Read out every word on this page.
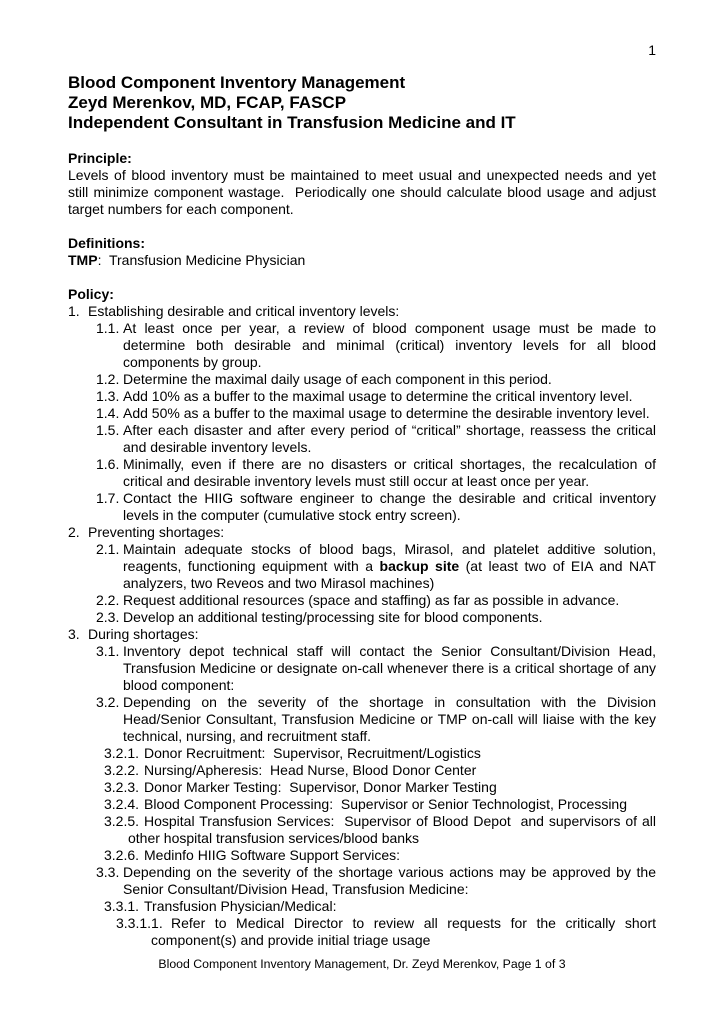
1
Blood Component Inventory Management
Zeyd Merenkov, MD, FCAP, FASCP
Independent Consultant in Transfusion Medicine and IT
Principle:
Levels of blood inventory must be maintained to meet usual and unexpected needs and yet still minimize component wastage.  Periodically one should calculate blood usage and adjust target numbers for each component.
Definitions:
TMP:  Transfusion Medicine Physician
Policy:
1. Establishing desirable and critical inventory levels:
1.1. At least once per year, a review of blood component usage must be made to determine both desirable and minimal (critical) inventory levels for all blood components by group.
1.2. Determine the maximal daily usage of each component in this period.
1.3. Add 10% as a buffer to the maximal usage to determine the critical inventory level.
1.4. Add 50% as a buffer to the maximal usage to determine the desirable inventory level.
1.5. After each disaster and after every period of “critical” shortage, reassess the critical and desirable inventory levels.
1.6. Minimally, even if there are no disasters or critical shortages, the recalculation of critical and desirable inventory levels must still occur at least once per year.
1.7. Contact the HIIG software engineer to change the desirable and critical inventory levels in the computer (cumulative stock entry screen).
2. Preventing shortages:
2.1. Maintain adequate stocks of blood bags, Mirasol, and platelet additive solution, reagents, functioning equipment with a backup site (at least two of EIA and NAT analyzers, two Reveos and two Mirasol machines)
2.2. Request additional resources (space and staffing) as far as possible in advance.
2.3. Develop an additional testing/processing site for blood components.
3. During shortages:
3.1. Inventory depot technical staff will contact the Senior Consultant/Division Head, Transfusion Medicine or designate on-call whenever there is a critical shortage of any blood component:
3.2. Depending on the severity of the shortage in consultation with the Division Head/Senior Consultant, Transfusion Medicine or TMP on-call will liaise with the key technical, nursing, and recruitment staff.
3.2.1. Donor Recruitment:  Supervisor, Recruitment/Logistics
3.2.2. Nursing/Apheresis:  Head Nurse, Blood Donor Center
3.2.3. Donor Marker Testing:  Supervisor, Donor Marker Testing
3.2.4. Blood Component Processing:  Supervisor or Senior Technologist, Processing
3.2.5. Hospital Transfusion Services:  Supervisor of Blood Depot  and supervisors of all other hospital transfusion services/blood banks
3.2.6. Medinfo HIIG Software Support Services:
3.3. Depending on the severity of the shortage various actions may be approved by the Senior Consultant/Division Head, Transfusion Medicine:
3.3.1. Transfusion Physician/Medical:
3.3.1.1. Refer to Medical Director to review all requests for the critically short component(s) and provide initial triage usage
Blood Component Inventory Management, Dr. Zeyd Merenkov, Page 1 of 3
